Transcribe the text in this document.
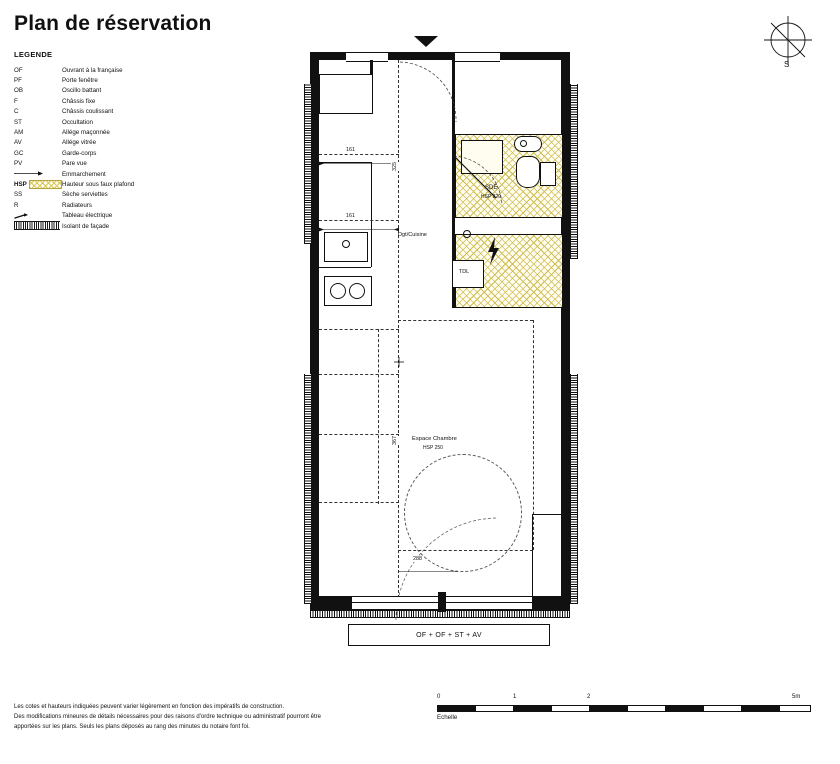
Plan de réservation
LEGENDE
OF	Ouvrant à la française
PF	Porte fenêtre
OB	Oscillo battant
F	Châssis fixe
C	Châssis coulissant
ST	Occultation
AM	Allége maçonnée
AV	Allége vitrée
GC	Garde-corps
PV	Pare vue
Emmarchement
HSP	Hauteur sous faux plafond
SS	Sèche serviettes
R	Radiateurs
Tableau électrique
Isolant de façade
S
TDL
OF + OF + ST + AV
161
161
325
367
288
SDE
HSP 220
Dgt/Cuisine
Espace Chambre
HSP 250
Les cotes et hauteurs indiquées peuvent varier légèrement en fonction des impératifs de construction.
Des modifications mineures de détails nécessaires pour des raisons d'ordre technique ou administratif pourront être
apportées sur les plans. Seuls les plans déposés au rang des minutes du notaire font foi.
0	1	2	5m
Echelle
